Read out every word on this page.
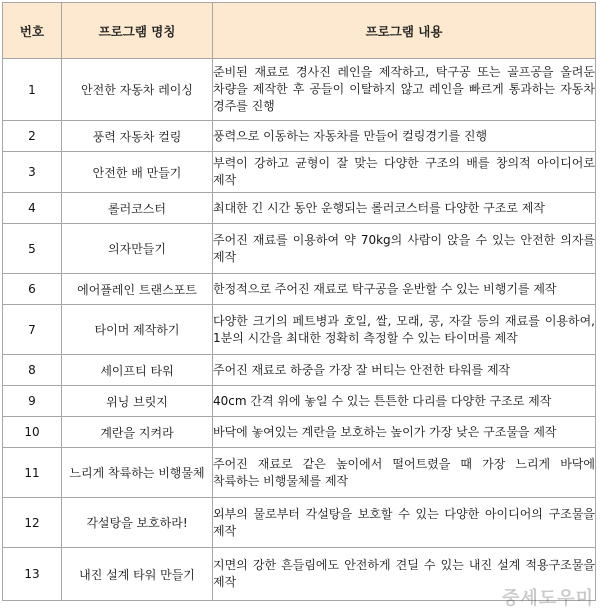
번호	프로그램 명칭	프로그램 내용
1	안전한 자동차 레이싱	준비된 재료로 경사진 레인을 제작하고, 탁구공 또는 골프공을 올려둔 차량을 제작한 후 공들이 이탈하지 않고 레인을 빠르게 통과하는 자동차 경주를 진행
2	풍력 자동차 컬링	풍력으로 이동하는 자동차를 만들어 컬링경기를 진행
3	안전한 배 만들기	부력이 강하고 균형이 잘 맞는 다양한 구조의 배를 창의적 아이디어로 제작
4	롤러코스터	최대한 긴 시간 동안 운행되는 롤러코스터를 다양한 구조로 제작
5	의자만들기	주어진 재료를 이용하여 약 70kg의 사람이 앉을 수 있는 안전한 의자를 제작
6	에어플레인 트랜스포트	한정적으로 주어진 재료로 탁구공을 운반할 수 있는 비행기를 제작
7	타이머 제작하기	다양한 크기의 페트병과 호일, 쌀, 모래, 콩, 자갈 등의 재료를 이용하여, 1분의 시간을 최대한 정확히 측정할 수 있는 타이머를 제작
8	세이프티 타워	주어진 재료로 하중을 가장 잘 버티는 안전한 타워를 제작
9	위닝 브릿지	40cm 간격 위에 놓일 수 있는 튼튼한 다리를 다양한 구조로 제작
10	계란을 지켜라	바닥에 놓여있는 계란을 보호하는 높이가 가장 낮은 구조물을 제작
11	느리게 착륙하는 비행물체	주어진 재료로 같은 높이에서 떨어트렸을 때 가장 느리게 바닥에 착륙하는 비행물체를 제작
12	각설탕을 보호하라!	외부의 물로부터 각설탕을 보호할 수 있는 다양한 아이디어의 구조물을 제작
13	내진 설계 타워 만들기	지면의 강한 흔들림에도 안전하게 견딜 수 있는 내진 설계 적용구조물을 제작
중세도우미
